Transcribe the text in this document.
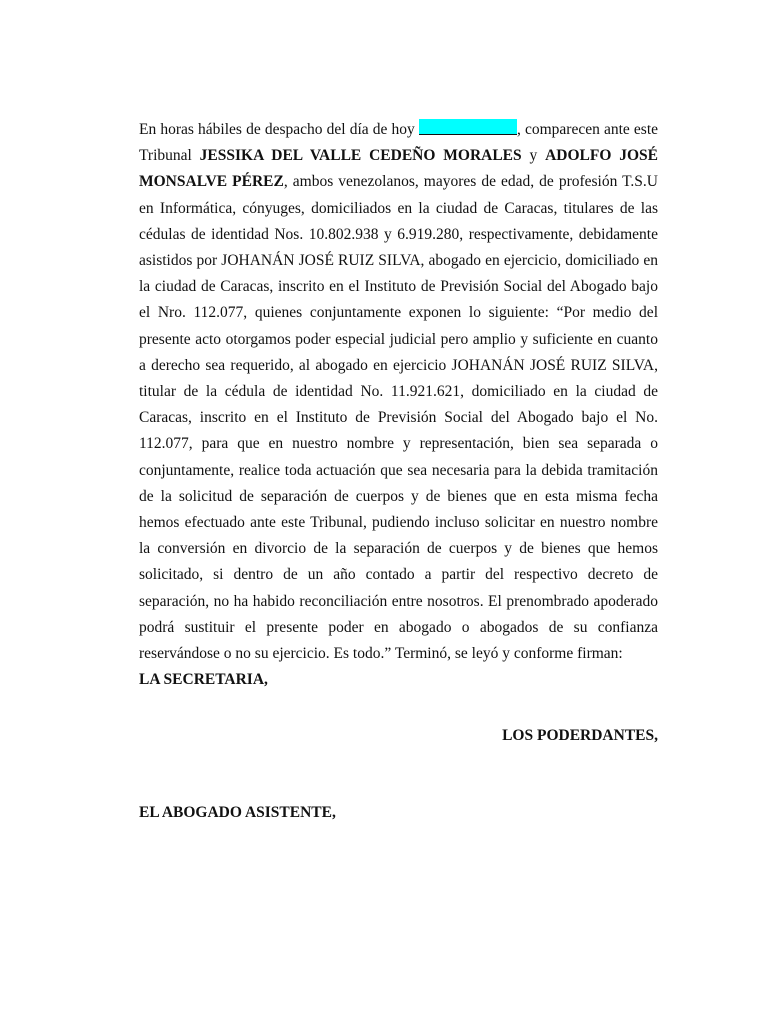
En horas hábiles de despacho del día de hoy	, comparecen ante este Tribunal JESSIKA DEL VALLE CEDEÑO MORALES y ADOLFO JOSÉ MONSALVE PÉREZ, ambos venezolanos, mayores de edad, de profesión T.S.U en Informática, cónyuges, domiciliados en la ciudad de Caracas, titulares de las cédulas de identidad Nos. 10.802.938 y 6.919.280, respectivamente, debidamente asistidos por JOHANÁN JOSÉ RUIZ SILVA, abogado en ejercicio, domiciliado en la ciudad de Caracas, inscrito en el Instituto de Previsión Social del Abogado bajo el Nro. 112.077, quienes conjuntamente exponen lo siguiente: “Por medio del presente acto otorgamos poder especial judicial pero amplio y suficiente en cuanto a derecho sea requerido, al abogado en ejercicio JOHANÁN JOSÉ RUIZ SILVA, titular de la cédula de identidad No. 11.921.621, domiciliado en la ciudad de Caracas, inscrito en el Instituto de Previsión Social del Abogado bajo el No. 112.077, para que en nuestro nombre y representación, bien sea separada o conjuntamente, realice toda actuación que sea necesaria para la debida tramitación de la solicitud de separación de cuerpos y de bienes que en esta misma fecha hemos efectuado ante este Tribunal, pudiendo incluso solicitar en nuestro nombre la conversión en divorcio de la separación de cuerpos y de bienes que hemos solicitado, si dentro de un año contado a partir del respectivo decreto de separación, no ha habido reconciliación entre nosotros. El prenombrado apoderado podrá sustituir el presente poder en abogado o abogados de su confianza reservándose o no su ejercicio. Es todo.” Terminó, se leyó y conforme firman:

LA SECRETARIA,

LOS PODERDANTES,

EL ABOGADO ASISTENTE,
